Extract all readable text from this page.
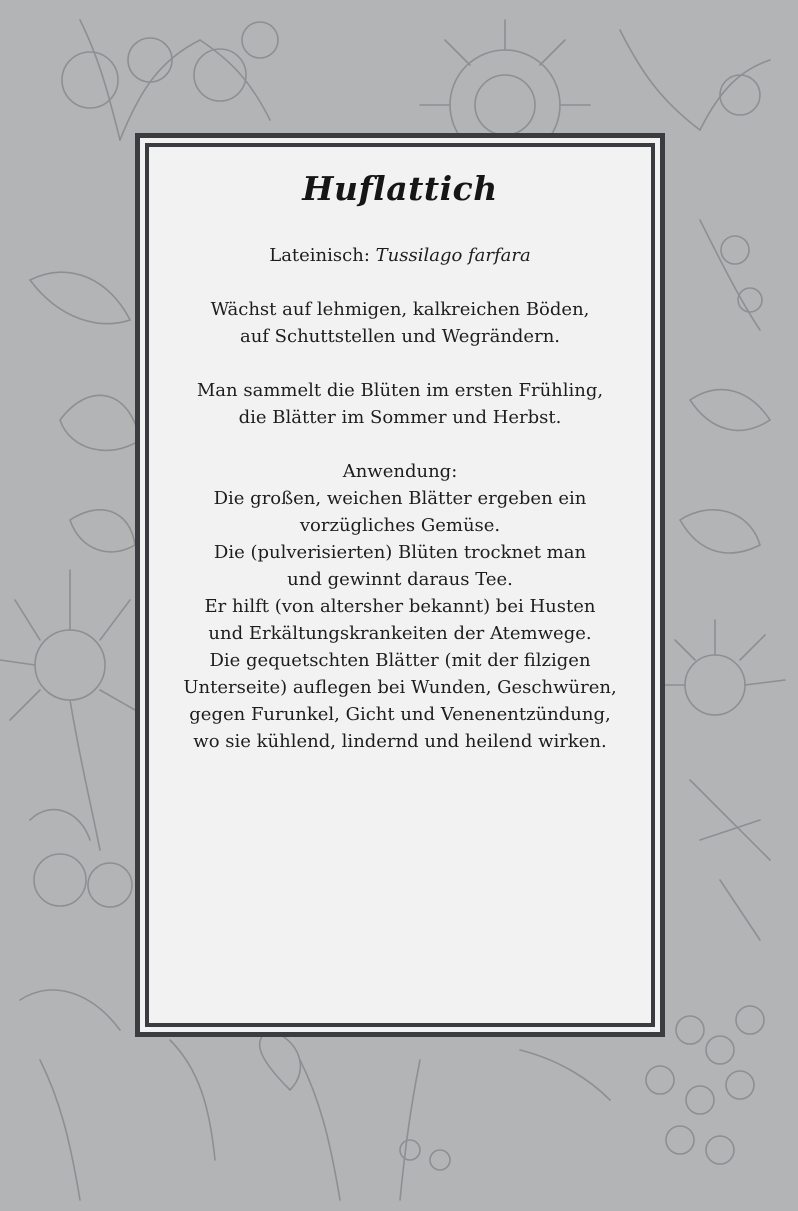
Huflattich
Lateinisch: Tussilago farfara
Wächst auf lehmigen, kalkreichen Böden,
auf Schuttstellen und Wegrändern.
Man sammelt die Blüten im ersten Frühling,
die Blätter im Sommer und Herbst.
Anwendung:
Die großen, weichen Blätter ergeben ein
vorzügliches Gemüse.
Die (pulverisierten) Blüten trocknet man
und gewinnt daraus Tee.
Er hilft (von altersher bekannt) bei Husten
und Erkältungskrankeiten der Atemwege.
Die gequetschten Blätter (mit der filzigen
Unterseite) auflegen bei Wunden, Geschwüren,
gegen Furunkel, Gicht und Venenentzündung,
wo sie kühlend, lindernd und heilend wirken.
